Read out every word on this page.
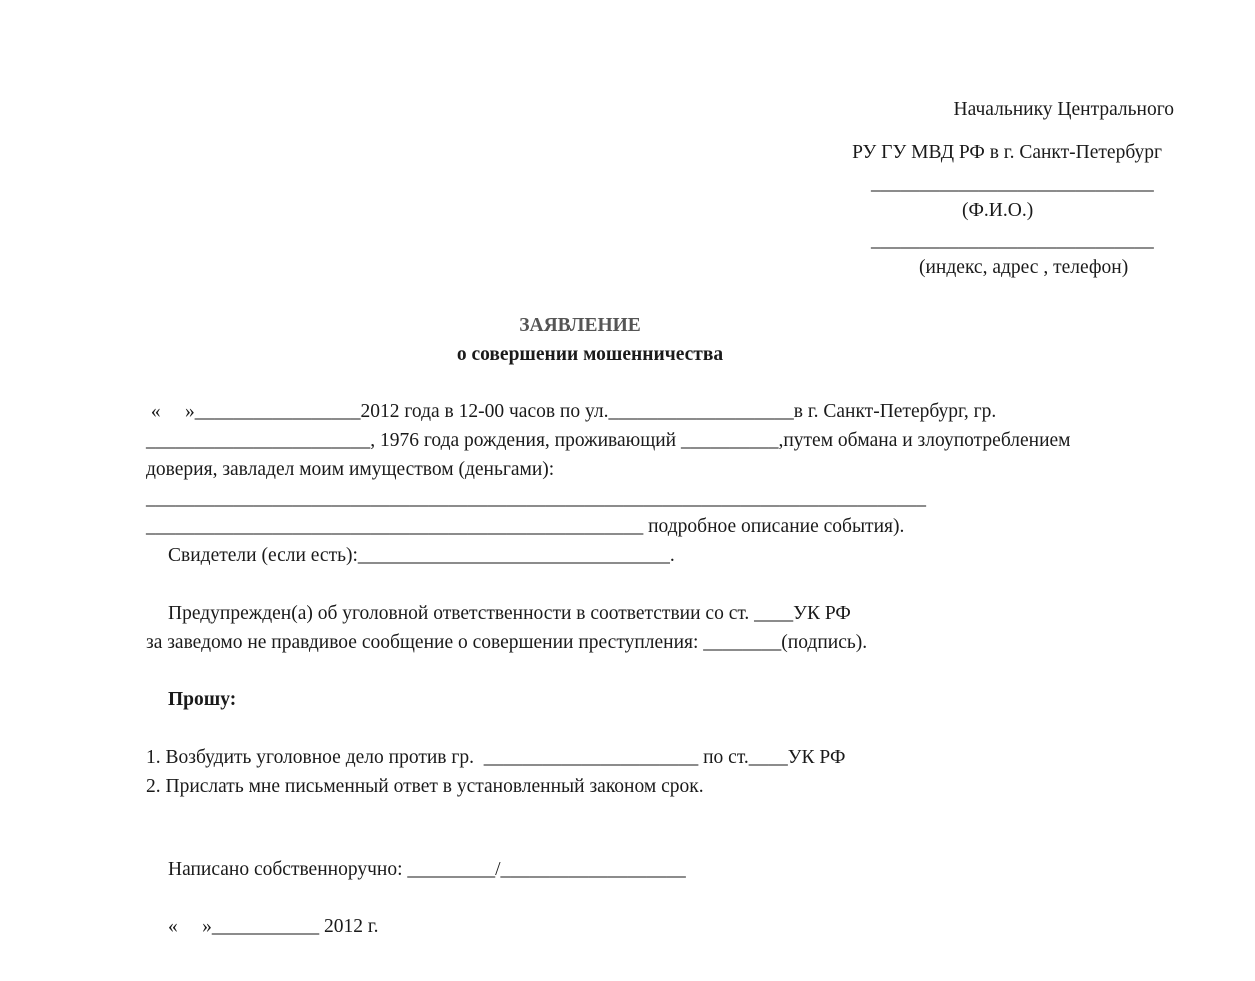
Начальнику Центрального
РУ ГУ МВД РФ в г. Санкт-Петербург
_____________________________
(Ф.И.О.)
_____________________________
(индекс, адрес , телефон)
ЗАЯВЛЕНИЕ
о совершении мошенничества
«     »_________________2012 года в 12-00 часов по ул.___________________в г. Санкт-Петербург, гр.
_______________________, 1976 года рождения, проживающий __________,путем обмана и злоупотреблением
доверия, завладел моим имуществом (деньгами):
________________________________________________________________________________
___________________________________________________ подробное описание события).
Свидетели (если есть):________________________________.
Предупрежден(а) об уголовной ответственности в соответствии со ст. ____УК РФ
за заведомо не правдивое сообщение о совершении преступления: ________(подпись).
Прошу:
1. Возбудить уголовное дело против гр.  ______________________ по ст.____УК РФ
2. Прислать мне письменный ответ в установленный законом срок.
Написано собственноручно: _________/___________________
«     »___________ 2012 г.
